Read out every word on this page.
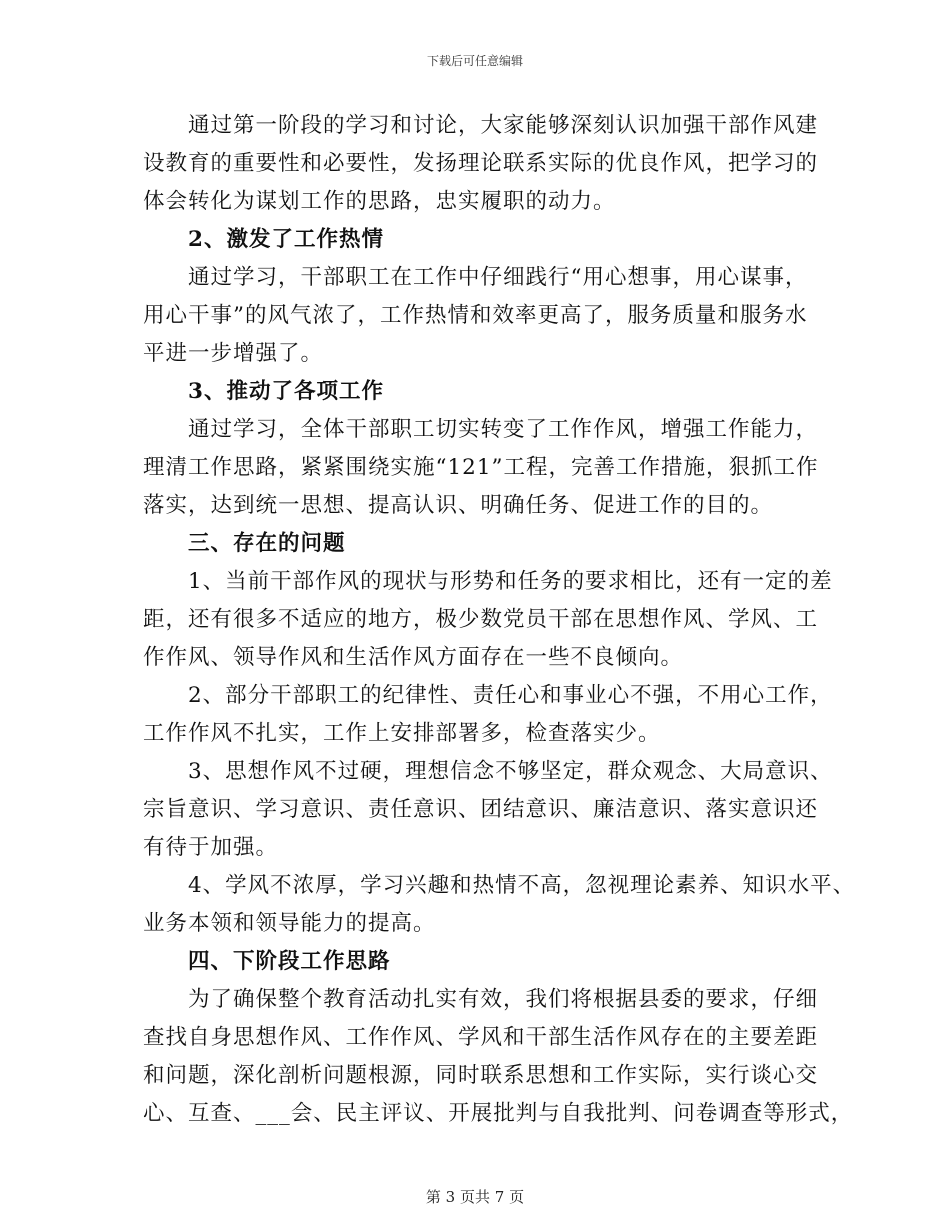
下载后可任意编辑
通过第一阶段的学习和讨论，大家能够深刻认识加强干部作风建
设教育的重要性和必要性，发扬理论联系实际的优良作风，把学习的
体会转化为谋划工作的思路，忠实履职的动力。
2、激发了工作热情
通过学习，干部职工在工作中仔细践行“用心想事，用心谋事，
用心干事”的风气浓了，工作热情和效率更高了，服务质量和服务水
平进一步增强了。
3、推动了各项工作
通过学习，全体干部职工切实转变了工作作风，增强工作能力，
理清工作思路，紧紧围绕实施“121”工程，完善工作措施，狠抓工作
落实，达到统一思想、提高认识、明确任务、促进工作的目的。
三、存在的问题
1、当前干部作风的现状与形势和任务的要求相比，还有一定的差
距，还有很多不适应的地方，极少数党员干部在思想作风、学风、工
作作风、领导作风和生活作风方面存在一些不良倾向。
2、部分干部职工的纪律性、责任心和事业心不强，不用心工作，
工作作风不扎实，工作上安排部署多，检查落实少。
3、思想作风不过硬，理想信念不够坚定，群众观念、大局意识、
宗旨意识、学习意识、责任意识、团结意识、廉洁意识、落实意识还
有待于加强。
4、学风不浓厚，学习兴趣和热情不高，忽视理论素养、知识水平、
业务本领和领导能力的提高。
四、下阶段工作思路
为了确保整个教育活动扎实有效，我们将根据县委的要求，仔细
查找自身思想作风、工作作风、学风和干部生活作风存在的主要差距
和问题，深化剖析问题根源，同时联系思想和工作实际，实行谈心交
心、互查、___会、民主评议、开展批判与自我批判、问卷调查等形式，
第 3 页共 7 页
